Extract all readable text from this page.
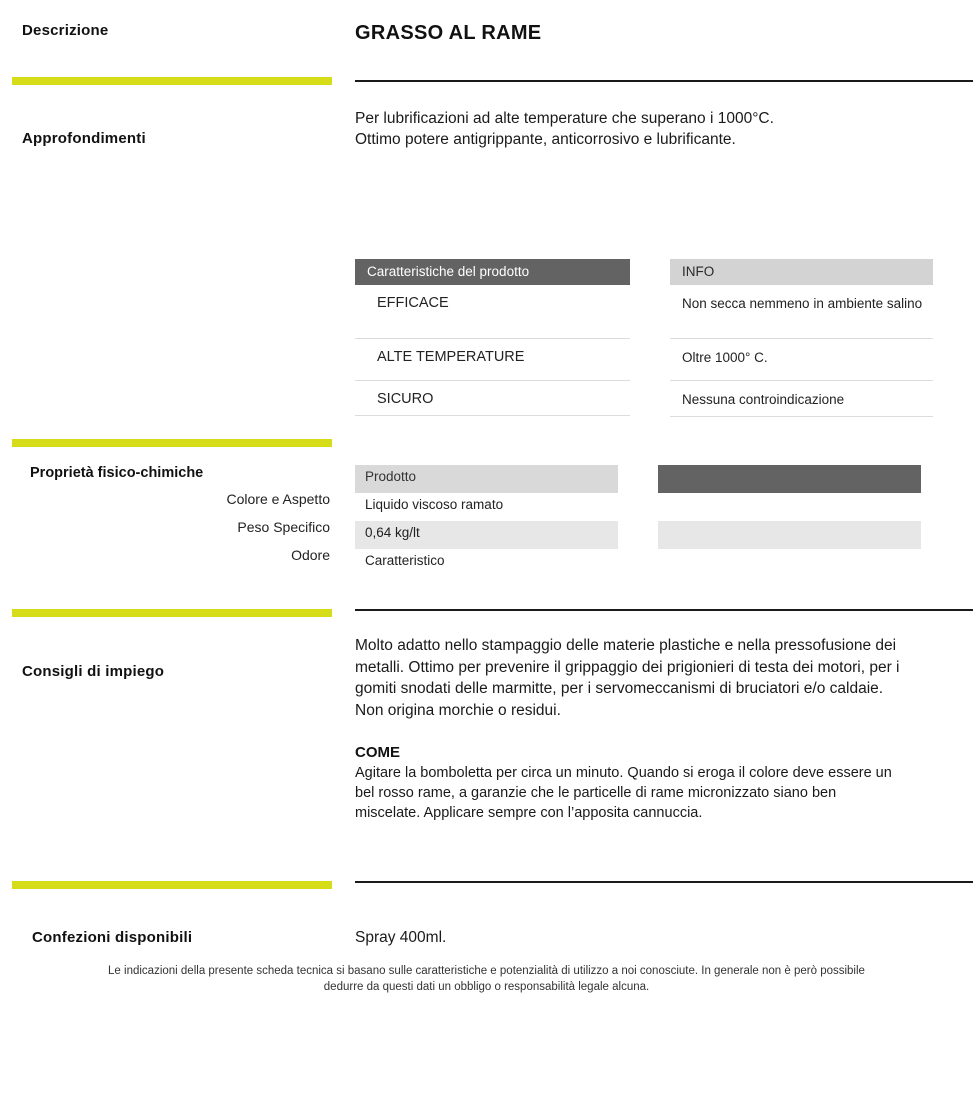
Descrizione	GRASSO AL RAME
Approfondimenti
Per lubrificazioni ad alte temperature che superano i 1000°C.
Ottimo potere antigrippante, anticorrosivo e lubrificante.
Caratteristiche del prodotto
EFFICACE
ALTE TEMPERATURE
SICURO
INFO
Non secca nemmeno in ambiente salino
Oltre 1000° C.
Nessuna controindicazione
Proprietà fisico-chimiche
Colore e Aspetto
Peso Specifico
Odore
Prodotto
Liquido viscoso ramato
0,64 kg/lt
Caratteristico
Consigli di impiego
Molto adatto nello stampaggio delle materie plastiche e nella pressofusione dei metalli. Ottimo per prevenire il grippaggio dei prigionieri di testa dei motori, per i gomiti snodati delle marmitte, per i servomeccanismi di bruciatori e/o caldaie. Non origina morchie o residui.
COME
Agitare la bomboletta per circa un minuto. Quando si eroga il colore deve essere un bel rosso rame, a garanzie che le particelle di rame micronizzato siano ben miscelate. Applicare sempre con l’apposita cannuccia.
Confezioni disponibili	Spray 400ml.
Le indicazioni della presente scheda tecnica si basano sulle caratteristiche e potenzialità di utilizzo a noi conosciute. In generale non è però possibile
dedurre da questi dati un obbligo o responsabilità legale alcuna.
